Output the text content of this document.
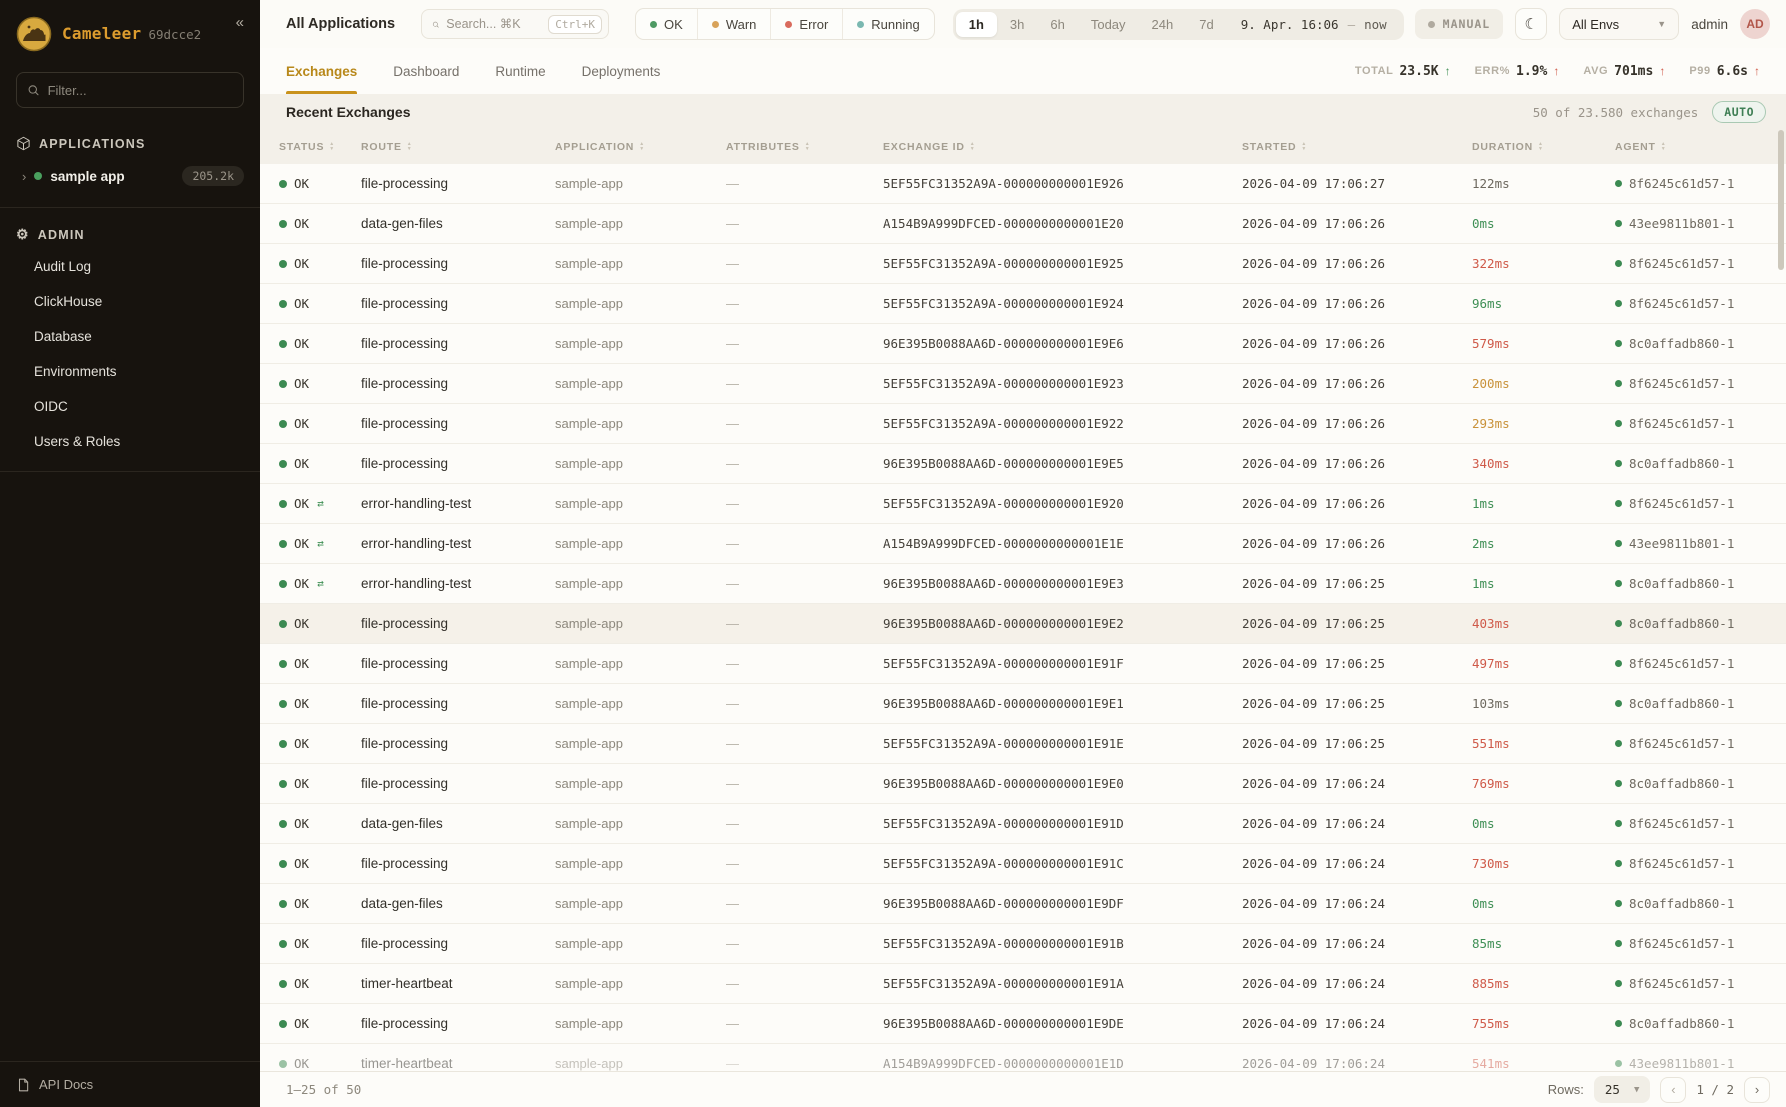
Cameleer 69dcce2
«
Filter...
APPLICATIONS
› sample app	205.2k
⚙ ADMIN
Audit Log
ClickHouse
Database
Environments
OIDC
Users & Roles
API Docs
All Applications
Search... ⌘K	Ctrl+K	OK	Warn	Error	Running	1h	3h	6h	Today	24h	7d	9. Apr. 16:06 — now	MANUAL ☾	All Envs	▼ admin	AD
Exchanges	Dashboard	Runtime	Deployments	TOTAL 23.5K ↑ ERR% 1.9% ↑ AVG 701ms ↑ P99 6.6s ↑
Recent Exchanges	50 of 23.580 exchanges	AUTO
STATUS ▲ ▼	ROUTE ▲ ▼	APPLICATION ▲ ▼	ATTRIBUTES ▲ ▼	EXCHANGE ID ▲ ▼	STARTED ▲ ▼	DURATION ▲ ▼	AGENT
▲ ▼
OK	file-processing	sample-app	—	5EF55FC31352A9A-000000000001E926	2026-04-09 17:06:27	122ms	8f6245c61d57-1
OK	data-gen-files	sample-app	—	A154B9A999DFCED-0000000000001E20	2026-04-09 17:06:26	0ms	43ee9811b801-1
OK	file-processing	sample-app	—	5EF55FC31352A9A-000000000001E925	2026-04-09 17:06:26	322ms	8f6245c61d57-1
OK	file-processing	sample-app	—	5EF55FC31352A9A-000000000001E924	2026-04-09 17:06:26	96ms	8f6245c61d57-1
OK	file-processing	sample-app	—	96E395B0088AA6D-000000000001E9E6	2026-04-09 17:06:26	579ms	8c0affadb860-1
OK	file-processing	sample-app	—	5EF55FC31352A9A-000000000001E923	2026-04-09 17:06:26	200ms	8f6245c61d57-1
OK	file-processing	sample-app	—	5EF55FC31352A9A-000000000001E922	2026-04-09 17:06:26	293ms	8f6245c61d57-1
OK	file-processing	sample-app	—	96E395B0088AA6D-000000000001E9E5	2026-04-09 17:06:26	340ms	8c0affadb860-1
OK ⇄	error-handling-test	sample-app	—	5EF55FC31352A9A-000000000001E920	2026-04-09 17:06:26	1ms	8f6245c61d57-1
OK ⇄	error-handling-test	sample-app	—	A154B9A999DFCED-0000000000001E1E	2026-04-09 17:06:26	2ms	43ee9811b801-1
OK ⇄	error-handling-test	sample-app	—	96E395B0088AA6D-000000000001E9E3	2026-04-09 17:06:25	1ms	8c0affadb860-1
OK	file-processing	sample-app	—	96E395B0088AA6D-000000000001E9E2	2026-04-09 17:06:25	403ms	8c0affadb860-1
OK	file-processing	sample-app	—	5EF55FC31352A9A-000000000001E91F	2026-04-09 17:06:25	497ms	8f6245c61d57-1
OK	file-processing	sample-app	—	96E395B0088AA6D-000000000001E9E1	2026-04-09 17:06:25	103ms	8c0affadb860-1
OK	file-processing	sample-app	—	5EF55FC31352A9A-000000000001E91E	2026-04-09 17:06:25	551ms	8f6245c61d57-1
OK	file-processing	sample-app	—	96E395B0088AA6D-000000000001E9E0	2026-04-09 17:06:24	769ms	8c0affadb860-1
OK	data-gen-files	sample-app	—	5EF55FC31352A9A-000000000001E91D	2026-04-09 17:06:24	0ms	8f6245c61d57-1
OK	file-processing	sample-app	—	5EF55FC31352A9A-000000000001E91C	2026-04-09 17:06:24	730ms	8f6245c61d57-1
OK	data-gen-files	sample-app	—	96E395B0088AA6D-000000000001E9DF	2026-04-09 17:06:24	0ms	8c0affadb860-1
OK	file-processing	sample-app	—	5EF55FC31352A9A-000000000001E91B	2026-04-09 17:06:24	85ms	8f6245c61d57-1
OK	timer-heartbeat	sample-app	—	5EF55FC31352A9A-000000000001E91A	2026-04-09 17:06:24	885ms	8f6245c61d57-1
OK	file-processing	sample-app	—	96E395B0088AA6D-000000000001E9DE	2026-04-09 17:06:24	755ms	8c0affadb860-1
OK	timer-heartbeat	sample-app	—	A154B9A999DFCED-0000000000001E1D	2026-04-09 17:06:24	541ms	43ee9811b801-1
1–25 of 50	Rows: 25 ▼	‹	1 / 2	›
